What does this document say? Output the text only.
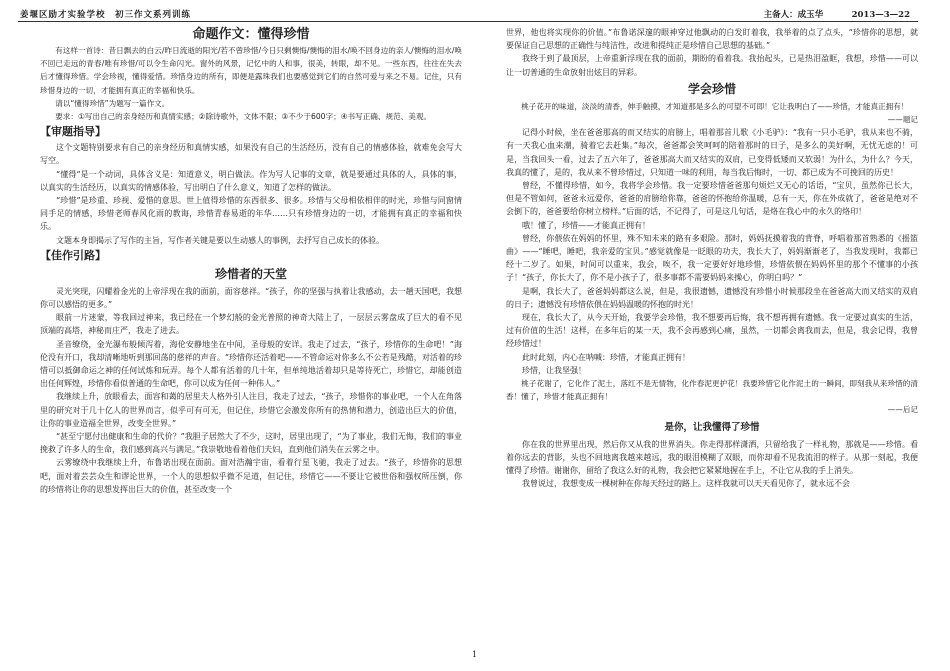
姜堰区励才实验学校　初三作文系列训练	主备人：成玉华　　　	2013—3—22

命题作文：懂得珍惜

有这样一首诗：昔日飘去的白云/昨日流逝的阳光/若不曾珍惜/今日只剩懊悔/懊悔的泪水/唤不回身边的亲人/懊悔的泪水/唤不回已走远的青春/唯有珍惜/可以令生命闪光。窗外的风景，记忆中的人和事，很美，转眼，却不见。一些东西，往往在失去后才懂得珍惜。学会珍视，懂得爱惜。珍惜身边的所有，即便是露珠我们也要感觉到它们的自然可爱与来之不易。记住，只有珍惜身边的一切，才能拥有真正的幸福和快乐。

请以“懂得珍惜”为题写一篇作文。

要求：①写出自己的亲身经历和真情实感；②除诗歌外，文体不限；③不少于600字；④书写正确、规范、美观。

【审题指导】

这个文题特别要求有自己的亲身经历和真情实感，如果没有自己的生活经历，没有自己的情感体验，就难免会写大写空。

“懂得”是一个动词，具体含义是：知道意义，明白做法。作为写人记事的文章，就是要通过具体的人，具体的事，以真实的生活经历，以真实的情感体验，写出明白了什么意义，知道了怎样的做法。

“珍惜”是珍重、珍视、爱惜的意思。世上值得珍惜的东西很多、很多。珍惜与父母相依相伴的时光，珍惜与同窗情同手足的情感，珍惜老师春风化雨的教诲，珍惜青春易逝的年华……只有珍惜身边的一切，才能拥有真正的幸福和快乐。

文题本身即揭示了写作的主旨，写作者关键是要以生动感人的事例，去抒写自己成长的体验。

【佳作引路】

珍惜者的天堂

灵光突现，闪耀着金光的上帝浮现在我的面前，面容慈祥。“孩子，你的坚强与执着让我感动，去一趟天国吧，我想你可以感悟的更多。”

眼前一片迷蒙，等我回过神来，我已经在一个梦幻般的金光普照的神奇大陆上了，一层层云雾盘成了巨大的看不见顶端的高塔，神秘而庄严，我走了进去。

圣音缭绕，金光瀑布般倾泻着，海伦安静地坐在中间，圣母般的安详。我走了过去，“孩子，珍惜你的生命吧！”海伦没有开口，我却清晰地听到那回荡的慈祥的声音。“珍惜你还活着吧——不管命运对你多么不公若是残酷，对活着的珍惜可以抵御命运之神的任何试炼和玩弄。每个人都有活着的几十年，但单纯地活着却只是等待死亡，珍惜它，却能创造出任何辉煌，珍惜你看似普通的生命吧，你可以成为任何一种伟人。”

我继续上升，放眼看去，面容和蔼的居里夫人格外引人注目，我走了过去，“孩子，珍惜你的事业吧，一个人在角落里的研究对于几十亿人的世界而言，似乎可有可无，但记住，珍惜它会激发你所有的热情和潜力，创造出巨大的价值，让你的事业造福全世界，改变全世界。”

“甚至宁愿付出健康和生命的代价？”我胆子居然大了不少，这时，居里出现了，“为了事业，我们无悔，我们的事业挽救了许多人的生命，我们感到高兴与满足。”我崇敬地看着他们夫妇，直到他们消失在云雾之中。

云雾缭绕中我继续上升，布鲁诺出现在面前。面对浩瀚宇宙，看着行星飞驰，我走了过去。“孩子，珍惜你的思想吧，面对着芸芸众生和谬论世界，一个人的思想似乎微不足道，但记住，珍惜它——不要让它被世俗和强权所压倒，你的珍惜将让你的思想发挥出巨大的价值，甚至改变一个

世界，他也将实现你的价值。”布鲁诺深邃的眼神穿过他飘动的白发盯着我，我举着的点了点头，“珍惜你的思想，就要保证自己思想的正确性与纯洁性，改进和提纯正是珍惜自己思想的基础。”

我终于到了最顶层，上帝重新浮现在我的面前，期盼的看着我。我抬起头，已是热泪盈眶，我想，珍惜——可以让一切普通的生命放射出炫目的异彩。

学会珍惜

桃子花开的味道，淡淡的清香，伸手触摸，才知道那是多么的可望不可即！它让我明白了——珍惜，才能真正拥有！

——题记

记得小时候，坐在爸爸那高的而又结实的肩膀上，唱着那首儿歌《小毛驴》：“我有一只小毛驴，我从来也不骑，有一天我心血来潮，骑着它去赶集。”每次，爸爸都会笑呵呵的陪着那时的日子，是多么的美好啊，无忧无虑的！可是，当我回头一看，过去了五六年了，爸爸那高大而又结实的双肩，已变得低矮而又软弱！为什么，为什么？今天，我真的懂了，是的，我从来不曾珍惜过，只知道一味的利用，每当我后悔时，一切、都已成为不可挽回的历史！

曾经，不懂得珍惜，如今，我将学会珍惜。我一定要珍惜爸爸那句烦烂又无心的话语，“宝贝，虽然你已长大，但是不管如何，爸爸永远爱你，爸爸的肩膀给你靠，爸爸的怀抱给你温暖，总有一天，你在外成就了，爸爸是绝对不会倒下的，爸爸要给你树立榜样。”后面的话，不记得了，可是这几句话，是烙在我心中的永久的烙印！

哦！懂了，珍惜——才能真正拥有！

曾经，你偎依在妈妈的怀里，殊不知未来的路有多艰险。那时，妈妈抚摸着我的背脊，呼唱着那首熟悉的《摇篮曲》——“睡吧，睡吧，我亲爱的宝贝。”感觉就像是一眨眼的功夫，我长大了，妈妈渐渐老了，当我发现时，我都已经十二岁了。如果，时间可以重来，我会，唉不，我一定要好好地珍惜，珍惜依偎在妈妈怀里的那个不懂事的小孩子！“孩子，你长大了，你不是小孩子了，很多事都不需要妈妈来操心，你明白吗？”

是啊，我长大了，爸爸妈妈都这么说，但是，我很遗憾，遗憾没有珍惜小时候那段坐在爸爸高大而又结实的双肩的日子；遗憾没有珍惜依偎在妈妈温暖的怀抱的时光！

现在，我长大了，从今天开始，我要学会珍惜，我不想要再后悔，我不想再拥有遗憾。我一定要过真实的生活，过有价值的生活！这样，在多年后的某一天，我不会再感到心痛，虽然，一切都会离我而去，但是，我会记得，我曾经珍惜过！

此时此刻，内心在呐喊：珍惜，才能真正拥有！

珍惜，让我坚强！

桃子花谢了，它化作了泥土，落红不是无情物，化作春泥更护花！我要珍惜它化作泥土的一瞬间，即刻我从来珍惜的清香！懂了，珍惜才能真正拥有！

——后记

是你，让我懂得了珍惜

你在我的世界里出现，然后你又从我的世界消失。你走得那样潇洒，只留给我了一样礼物，那就是——珍惜。看着你远去的背影，头也不回地离我越来越远，我的眼泪模糊了双眼，而你却看不见我流泪的样子。从那一刻起，我便懂得了珍惜。谢谢你，留给了我这么好的礼物，我会把它紧紧地握在手上，不让它从我的手上消失。

我曾说过，我想变成一棵树种在你每天经过的路上。这样我就可以天天看见你了，就永远不会

1
